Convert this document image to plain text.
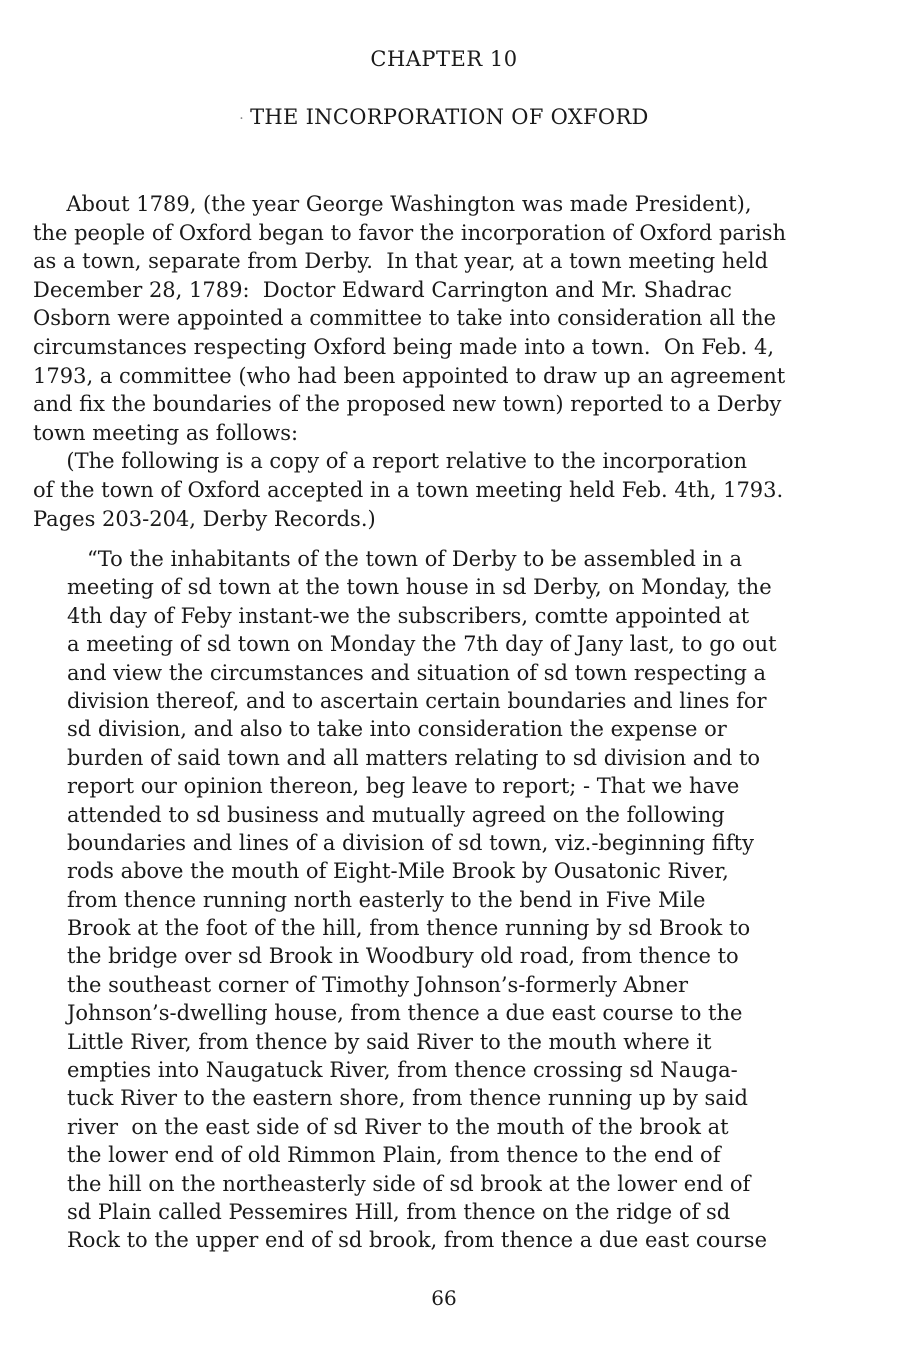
CHAPTER 10
· THE INCORPORATION OF OXFORD
About 1789, (the year George Washington was made President),
the people of Oxford began to favor the incorporation of Oxford parish
as a town, separate from Derby.  In that year, at a town meeting held
December 28, 1789:  Doctor Edward Carrington and Mr. Shadrac
Osborn were appointed a committee to take into consideration all the
circumstances respecting Oxford being made into a town.  On Feb. 4,
1793, a committee (who had been appointed to draw up an agreement
and fix the boundaries of the proposed new town) reported to a Derby
town meeting as follows:
(The following is a copy of a report relative to the incorporation
of the town of Oxford accepted in a town meeting held Feb. 4th, 1793.
Pages 203-204, Derby Records.)
“To the inhabitants of the town of Derby to be assembled in a
meeting of sd town at the town house in sd Derby, on Monday, the
4th day of Feby instant-we the subscribers, comtte appointed at
a meeting of sd town on Monday the 7th day of Jany last, to go out
and view the circumstances and situation of sd town respecting a
division thereof, and to ascertain certain boundaries and lines for
sd division, and also to take into consideration the expense or
burden of said town and all matters relating to sd division and to
report our opinion thereon, beg leave to report; - That we have
attended to sd business and mutually agreed on the following
boundaries and lines of a division of sd town, viz.-beginning fifty
rods above the mouth of Eight-Mile Brook by Ousatonic River,
from thence running north easterly to the bend in Five Mile
Brook at the foot of the hill, from thence running by sd Brook to
the bridge over sd Brook in Woodbury old road, from thence to
the southeast corner of Timothy Johnson’s-formerly Abner
Johnson’s-dwelling house, from thence a due east course to the
Little River, from thence by said River to the mouth where it
empties into Naugatuck River, from thence crossing sd Nauga-
tuck River to the eastern shore, from thence running up by said
river  on the east side of sd River to the mouth of the brook at
the lower end of old Rimmon Plain, from thence to the end of
the hill on the northeasterly side of sd brook at the lower end of
sd Plain called Pessemires Hill, from thence on the ridge of sd
Rock to the upper end of sd brook, from thence a due east course
66
